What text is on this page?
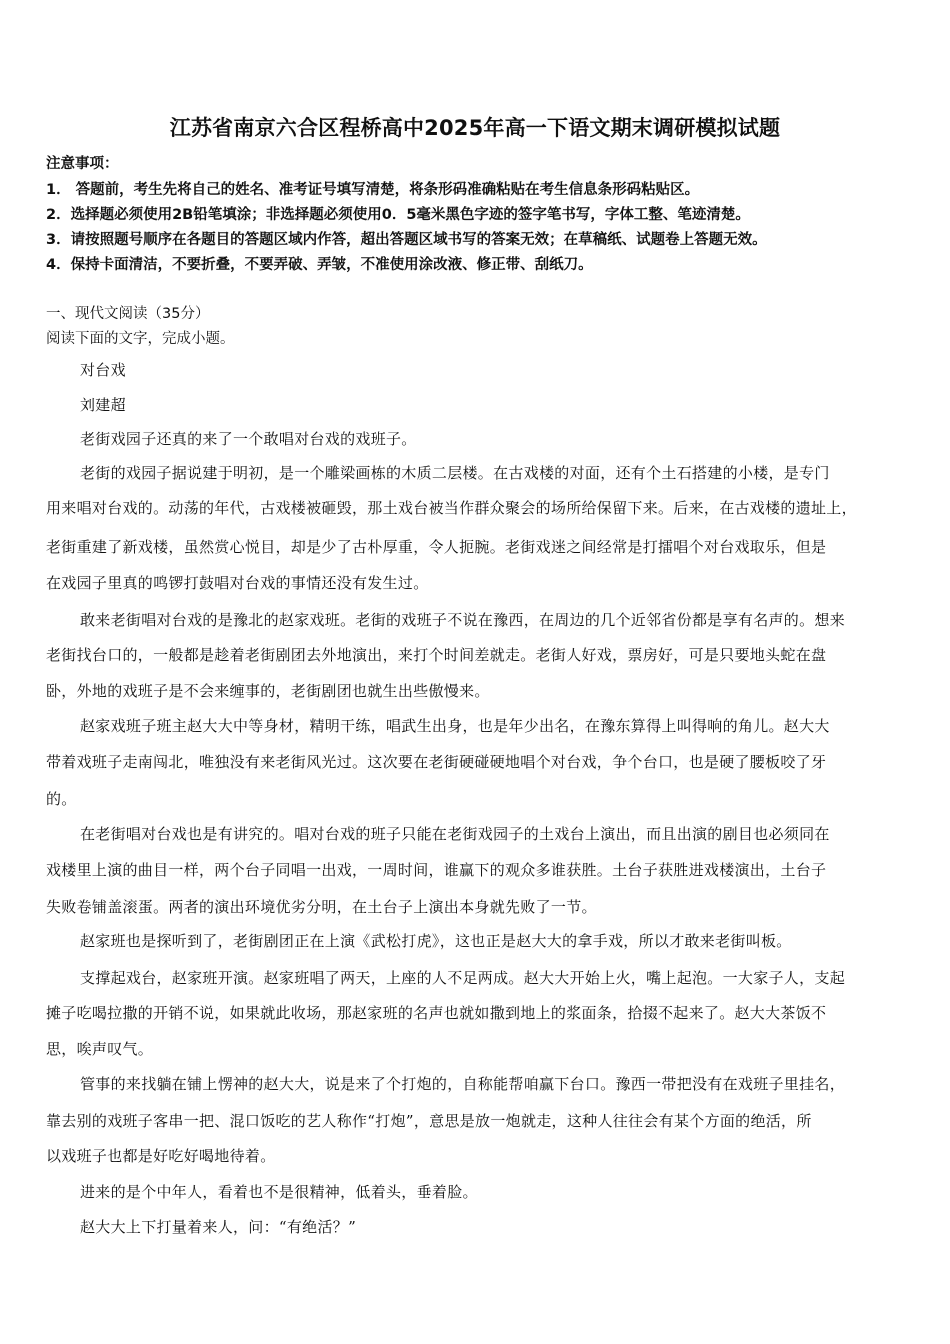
江苏省南京六合区程桥高中2025年高一下语文期末调研模拟试题
注意事项：
1． 答题前，考生先将自己的姓名、准考证号填写清楚，将条形码准确粘贴在考生信息条形码粘贴区。
2．选择题必须使用2B铅笔填涂；非选择题必须使用0．5毫米黑色字迹的签字笔书写，字体工整、笔迹清楚。
3．请按照题号顺序在各题目的答题区域内作答，超出答题区域书写的答案无效；在草稿纸、试题卷上答题无效。
4．保持卡面清洁，不要折叠，不要弄破、弄皱，不准使用涂改液、修正带、刮纸刀。
一、现代文阅读（35分）
阅读下面的文字，完成小题。
对台戏
刘建超
老街戏园子还真的来了一个敢唱对台戏的戏班子。
老街的戏园子据说建于明初，是一个雕梁画栋的木质二层楼。在古戏楼的对面，还有个土石搭建的小楼，是专门
用来唱对台戏的。动荡的年代，古戏楼被砸毁，那土戏台被当作群众聚会的场所给保留下来。后来，在古戏楼的遗址上，
老街重建了新戏楼，虽然赏心悦目，却是少了古朴厚重，令人扼腕。老街戏迷之间经常是打擂唱个对台戏取乐，但是
在戏园子里真的鸣锣打鼓唱对台戏的事情还没有发生过。
敢来老街唱对台戏的是豫北的赵家戏班。老街的戏班子不说在豫西，在周边的几个近邻省份都是享有名声的。想来
老街找台口的，一般都是趁着老街剧团去外地演出，来打个时间差就走。老街人好戏，票房好，可是只要地头蛇在盘
卧，外地的戏班子是不会来缠事的，老街剧团也就生出些傲慢来。
赵家戏班子班主赵大大中等身材，精明干练，唱武生出身，也是年少出名，在豫东算得上叫得响的角儿。赵大大
带着戏班子走南闯北，唯独没有来老街风光过。这次要在老街硬碰硬地唱个对台戏，争个台口，也是硬了腰板咬了牙
的。
在老街唱对台戏也是有讲究的。唱对台戏的班子只能在老街戏园子的土戏台上演出，而且出演的剧目也必须同在
戏楼里上演的曲目一样，两个台子同唱一出戏，一周时间，谁赢下的观众多谁获胜。土台子获胜进戏楼演出，土台子
失败卷铺盖滚蛋。两者的演出环境优劣分明，在土台子上演出本身就先败了一节。
赵家班也是探听到了，老街剧团正在上演《武松打虎》，这也正是赵大大的拿手戏，所以才敢来老街叫板。
支撑起戏台，赵家班开演。赵家班唱了两天，上座的人不足两成。赵大大开始上火，嘴上起泡。一大家子人，支起
摊子吃喝拉撒的开销不说，如果就此收场，那赵家班的名声也就如撒到地上的浆面条，拾掇不起来了。赵大大茶饭不
思，唉声叹气。
管事的来找躺在铺上愣神的赵大大，说是来了个打炮的，自称能帮咱赢下台口。豫西一带把没有在戏班子里挂名，
靠去别的戏班子客串一把、混口饭吃的艺人称作“打炮”，意思是放一炮就走，这种人往往会有某个方面的绝活，所
以戏班子也都是好吃好喝地待着。
进来的是个中年人，看着也不是很精神，低着头，垂着脸。
赵大大上下打量着来人，问：“有绝活？”
